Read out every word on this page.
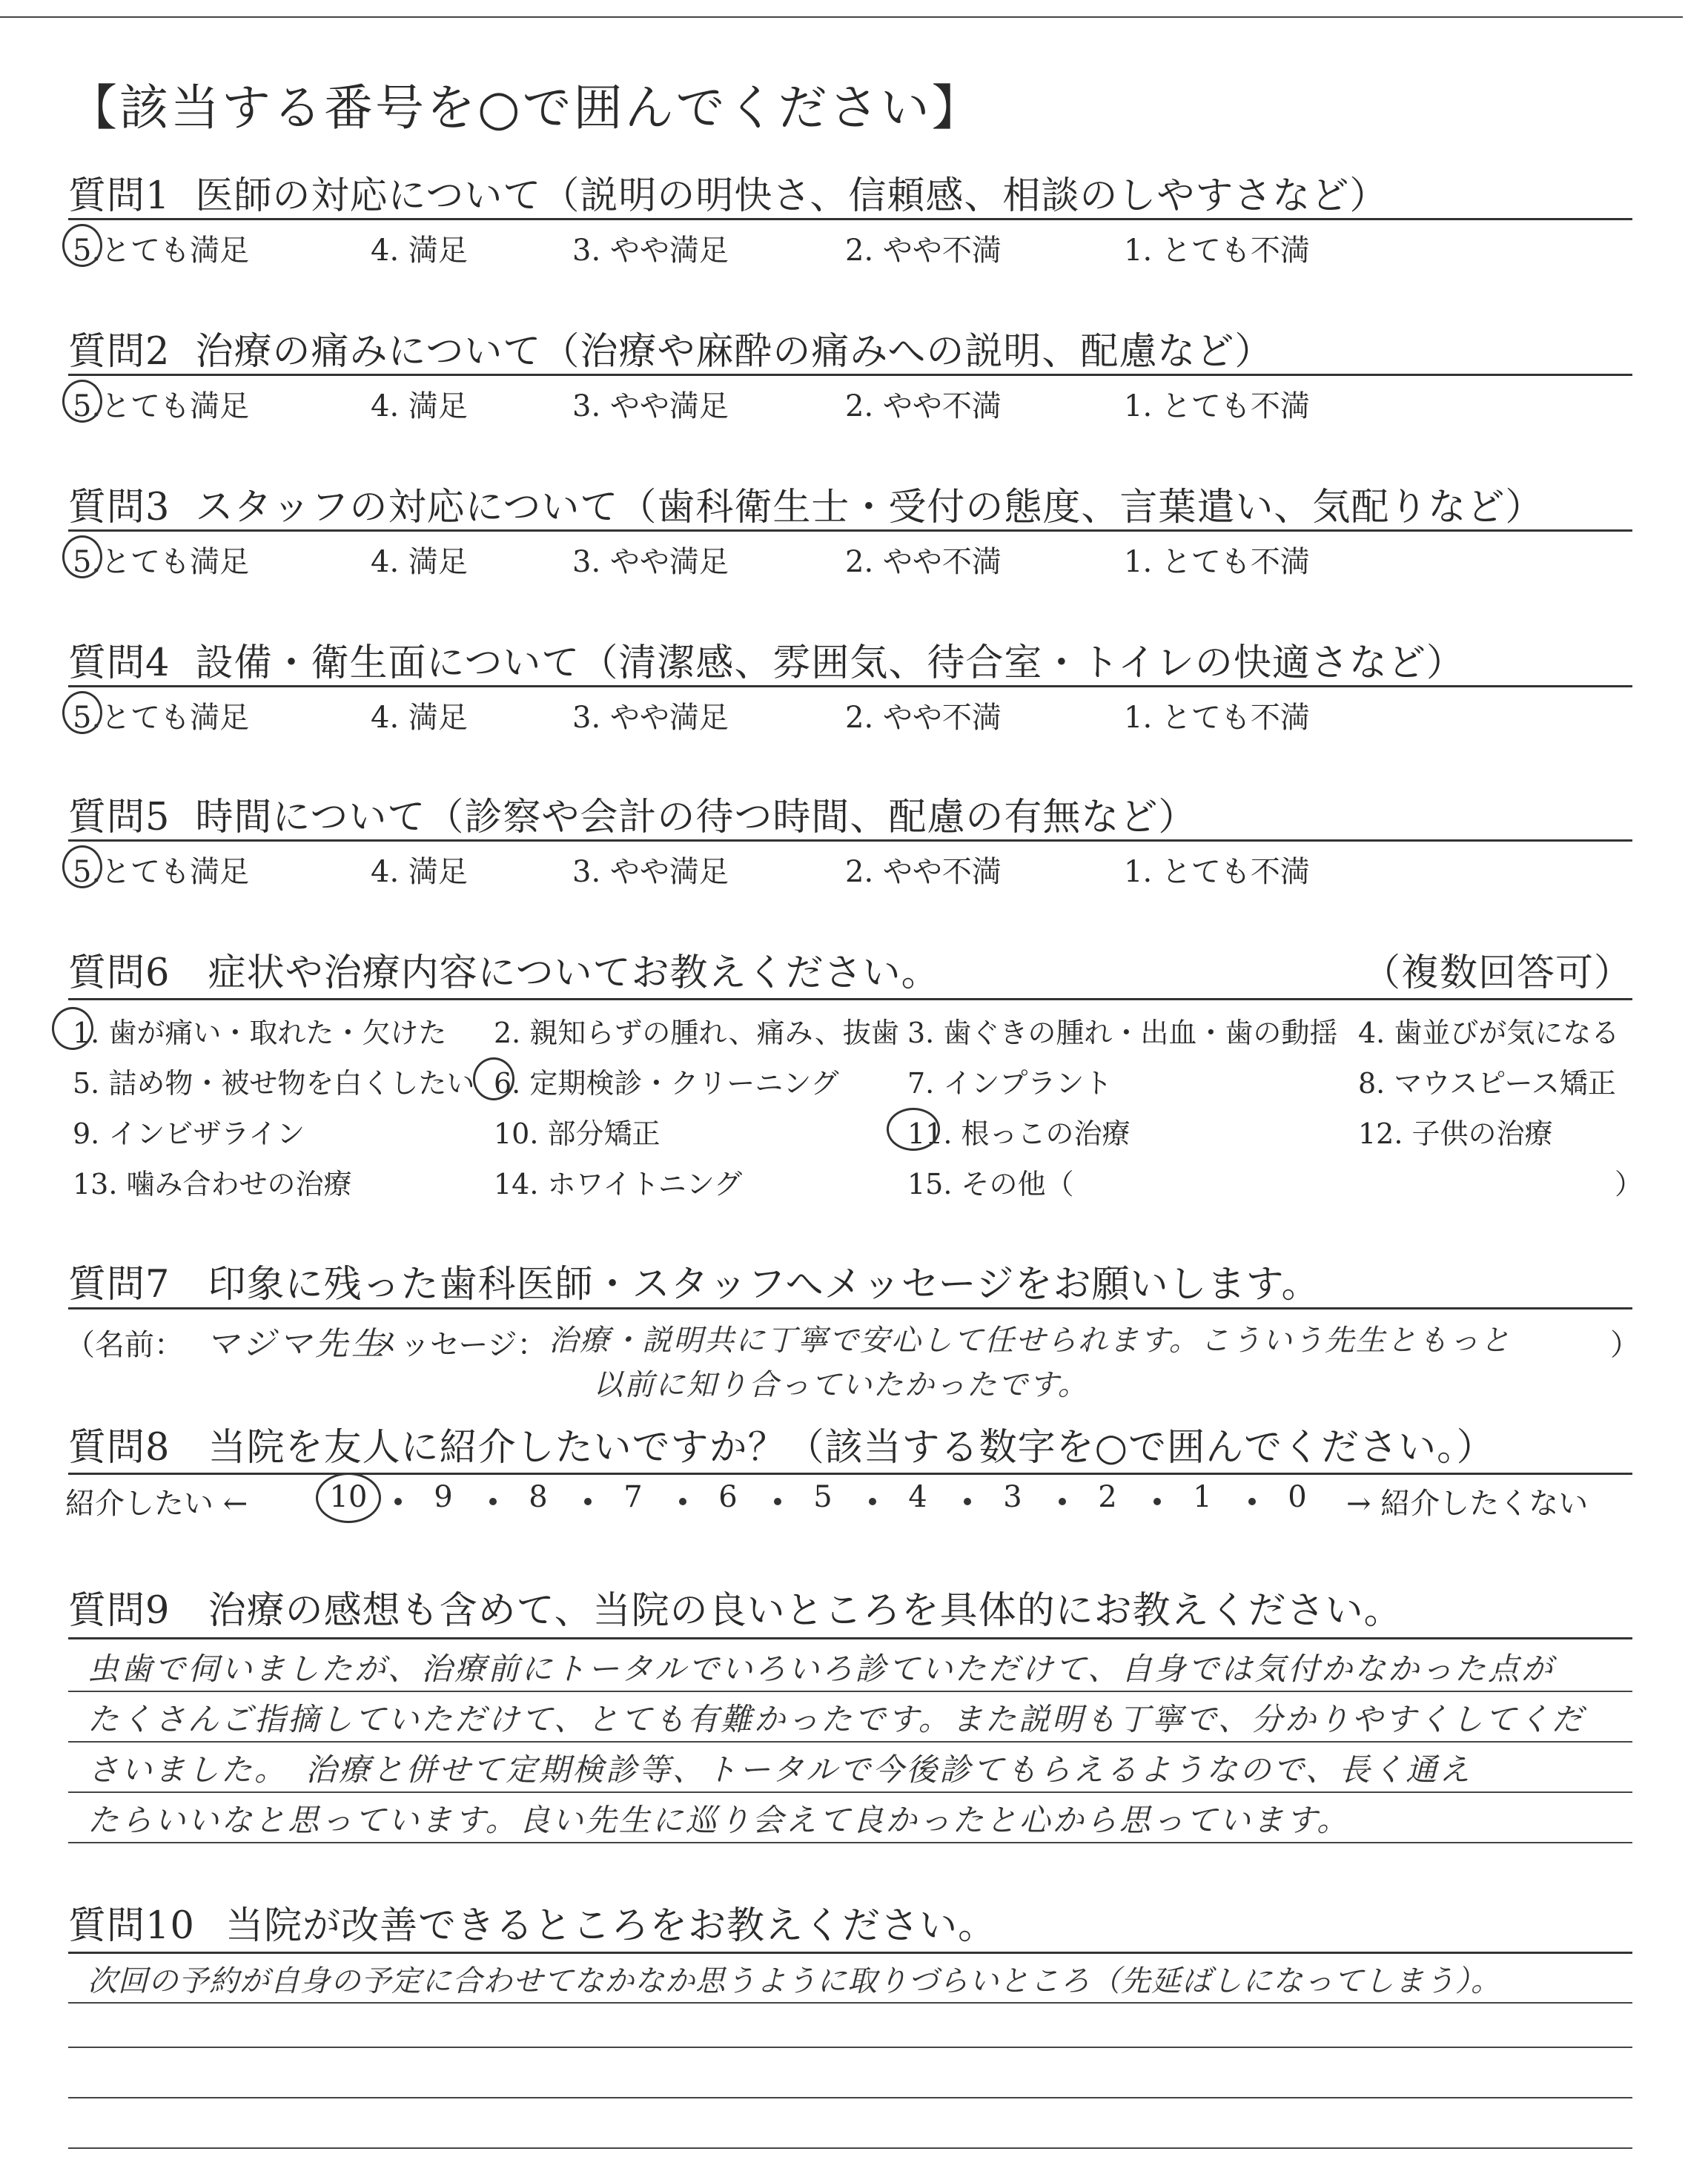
【該当する番号を○で囲んでください】
質問1 医師の対応について（説明の明快さ、信頼感、相談のしやすさなど）
5.とても満足	4. 満足	3. やや満足	2. やや不満	1. とても不満
質問2 治療の痛みについて（治療や麻酔の痛みへの説明、配慮など）
5.とても満足	4. 満足	3. やや満足	2. やや不満	1. とても不満
質問3 スタッフの対応について（歯科衛生士・受付の態度、言葉遣い、気配りなど）
5.とても満足	4. 満足	3. やや満足	2. やや不満	1. とても不満
質問4 設備・衛生面について（清潔感、雰囲気、待合室・トイレの快適さなど）
5.とても満足	4. 満足	3. やや満足	2. やや不満	1. とても不満
質問5 時間について（診察や会計の待つ時間、配慮の有無など）
5.とても満足	4. 満足	3. やや満足	2. やや不満	1. とても不満
質問6 症状や治療内容についてお教えください。	（複数回答可）
1. 歯が痛い・取れた・欠けた 2. 親知らずの腫れ、痛み、抜歯 3. 歯ぐきの腫れ・出血・歯の動揺 4. 歯並びが気になる
5. 詰め物・被せ物を白くしたい 6. 定期検診・クリーニング 7. インプラント	8. マウスピース矯正
9. インビザライン	10. 部分矯正	11. 根っこの治療	12. 子供の治療
13. 噛み合わせの治療	14. ホワイトニング	15. その他（	）
質問7 印象に残った歯科医師・スタッフへメッセージをお願いします。
（名前： マジマ先生
メッセージ： 治療・説明共に丁寧で安心して任せられます。こういう先生ともっと	）
以前に知り合っていたかったです。
質問8 当院を友人に紹介したいですか？（該当する数字を○で囲んでください。）
紹介したい ←	→ 紹介したくない
10	9	8	7	6	5	4	3	2	1	0
質問9 治療の感想も含めて、当院の良いところを具体的にお教えください。
虫歯で伺いましたが、治療前にトータルでいろいろ診ていただけて、自身では気付かなかった点が
たくさんご指摘していただけて、とても有難かったです。また説明も丁寧で、分かりやすくしてくだ
さいました。　治療と併せて定期検診等、トータルで今後診てもらえるようなので、長く通え
たらいいなと思っています。良い先生に巡り会えて良かったと心から思っています。
質問10 当院が改善できるところをお教えください。
次回の予約が自身の予定に合わせてなかなか思うように取りづらいところ（先延ばしになってしまう）。
